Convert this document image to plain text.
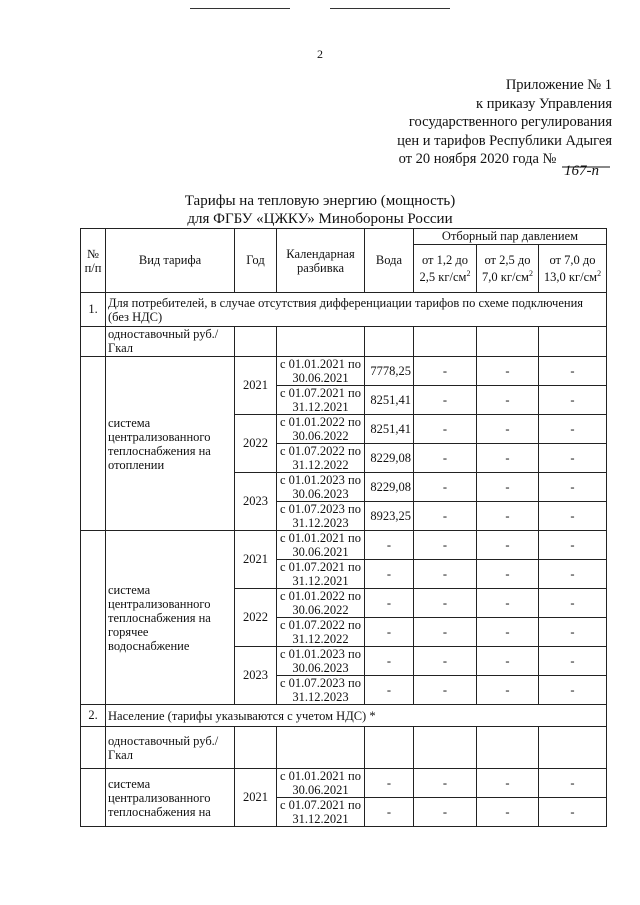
2
Приложение № 1
к приказу Управления
государственного регулирования
цен и тарифов Республики Адыгея
от 20 ноября 2020 года №
167-п
Тарифы на тепловую энергию (мощность)
для ФГБУ «ЦЖКУ» Минобороны России
№ п/п	Вид тарифа	Год	Календарная разбивка	Вода	Отборный пар давлением		
					от 1,2 до 2,5 $кг/см^2$	от 2,5 до 7,0 $кг/см^2$	от 7,0 до 13,0 $кг/см^2$
1.	Для потребителей, в случае отсутствия дифференциации тарифов по схеме подключения (без НДС)						
	одноставочный руб./Гкал						
	система централизованного теплоснабжения на отоплении	2021	с 01.01.2021 по 30.06.2021	7778,25	-	-	-
			с 01.07.2021 по 31.12.2021	8251,41	-	-	-
		2022	с 01.01.2022 по 30.06.2022	8251,41	-	-	-
			с 01.07.2022 по 31.12.2022	8229,08	-	-	-
		2023	с 01.01.2023 по 30.06.2023	8229,08	-	-	-
			с 01.07.2023 по 31.12.2023	8923,25	-	-	-
	система централизованного теплоснабжения на горячее водоснабжение	2021	с 01.01.2021 по 30.06.2021	-	-	-	-
			с 01.07.2021 по 31.12.2021	-	-	-	-
		2022	с 01.01.2022 по 30.06.2022	-	-	-	-
			с 01.07.2022 по 31.12.2022	-	-	-	-
		2023	с 01.01.2023 по 30.06.2023	-	-	-	-
			с 01.07.2023 по 31.12.2023	-	-	-	-
2.	Население (тарифы указываются с учетом НДС) *						
	одноставочный руб./Гкал						
	система централизованного теплоснабжения на	2021	с 01.01.2021 по 30.06.2021	-	-	-	-
			с 01.07.2021 по 31.12.2021	-	-	-	-
